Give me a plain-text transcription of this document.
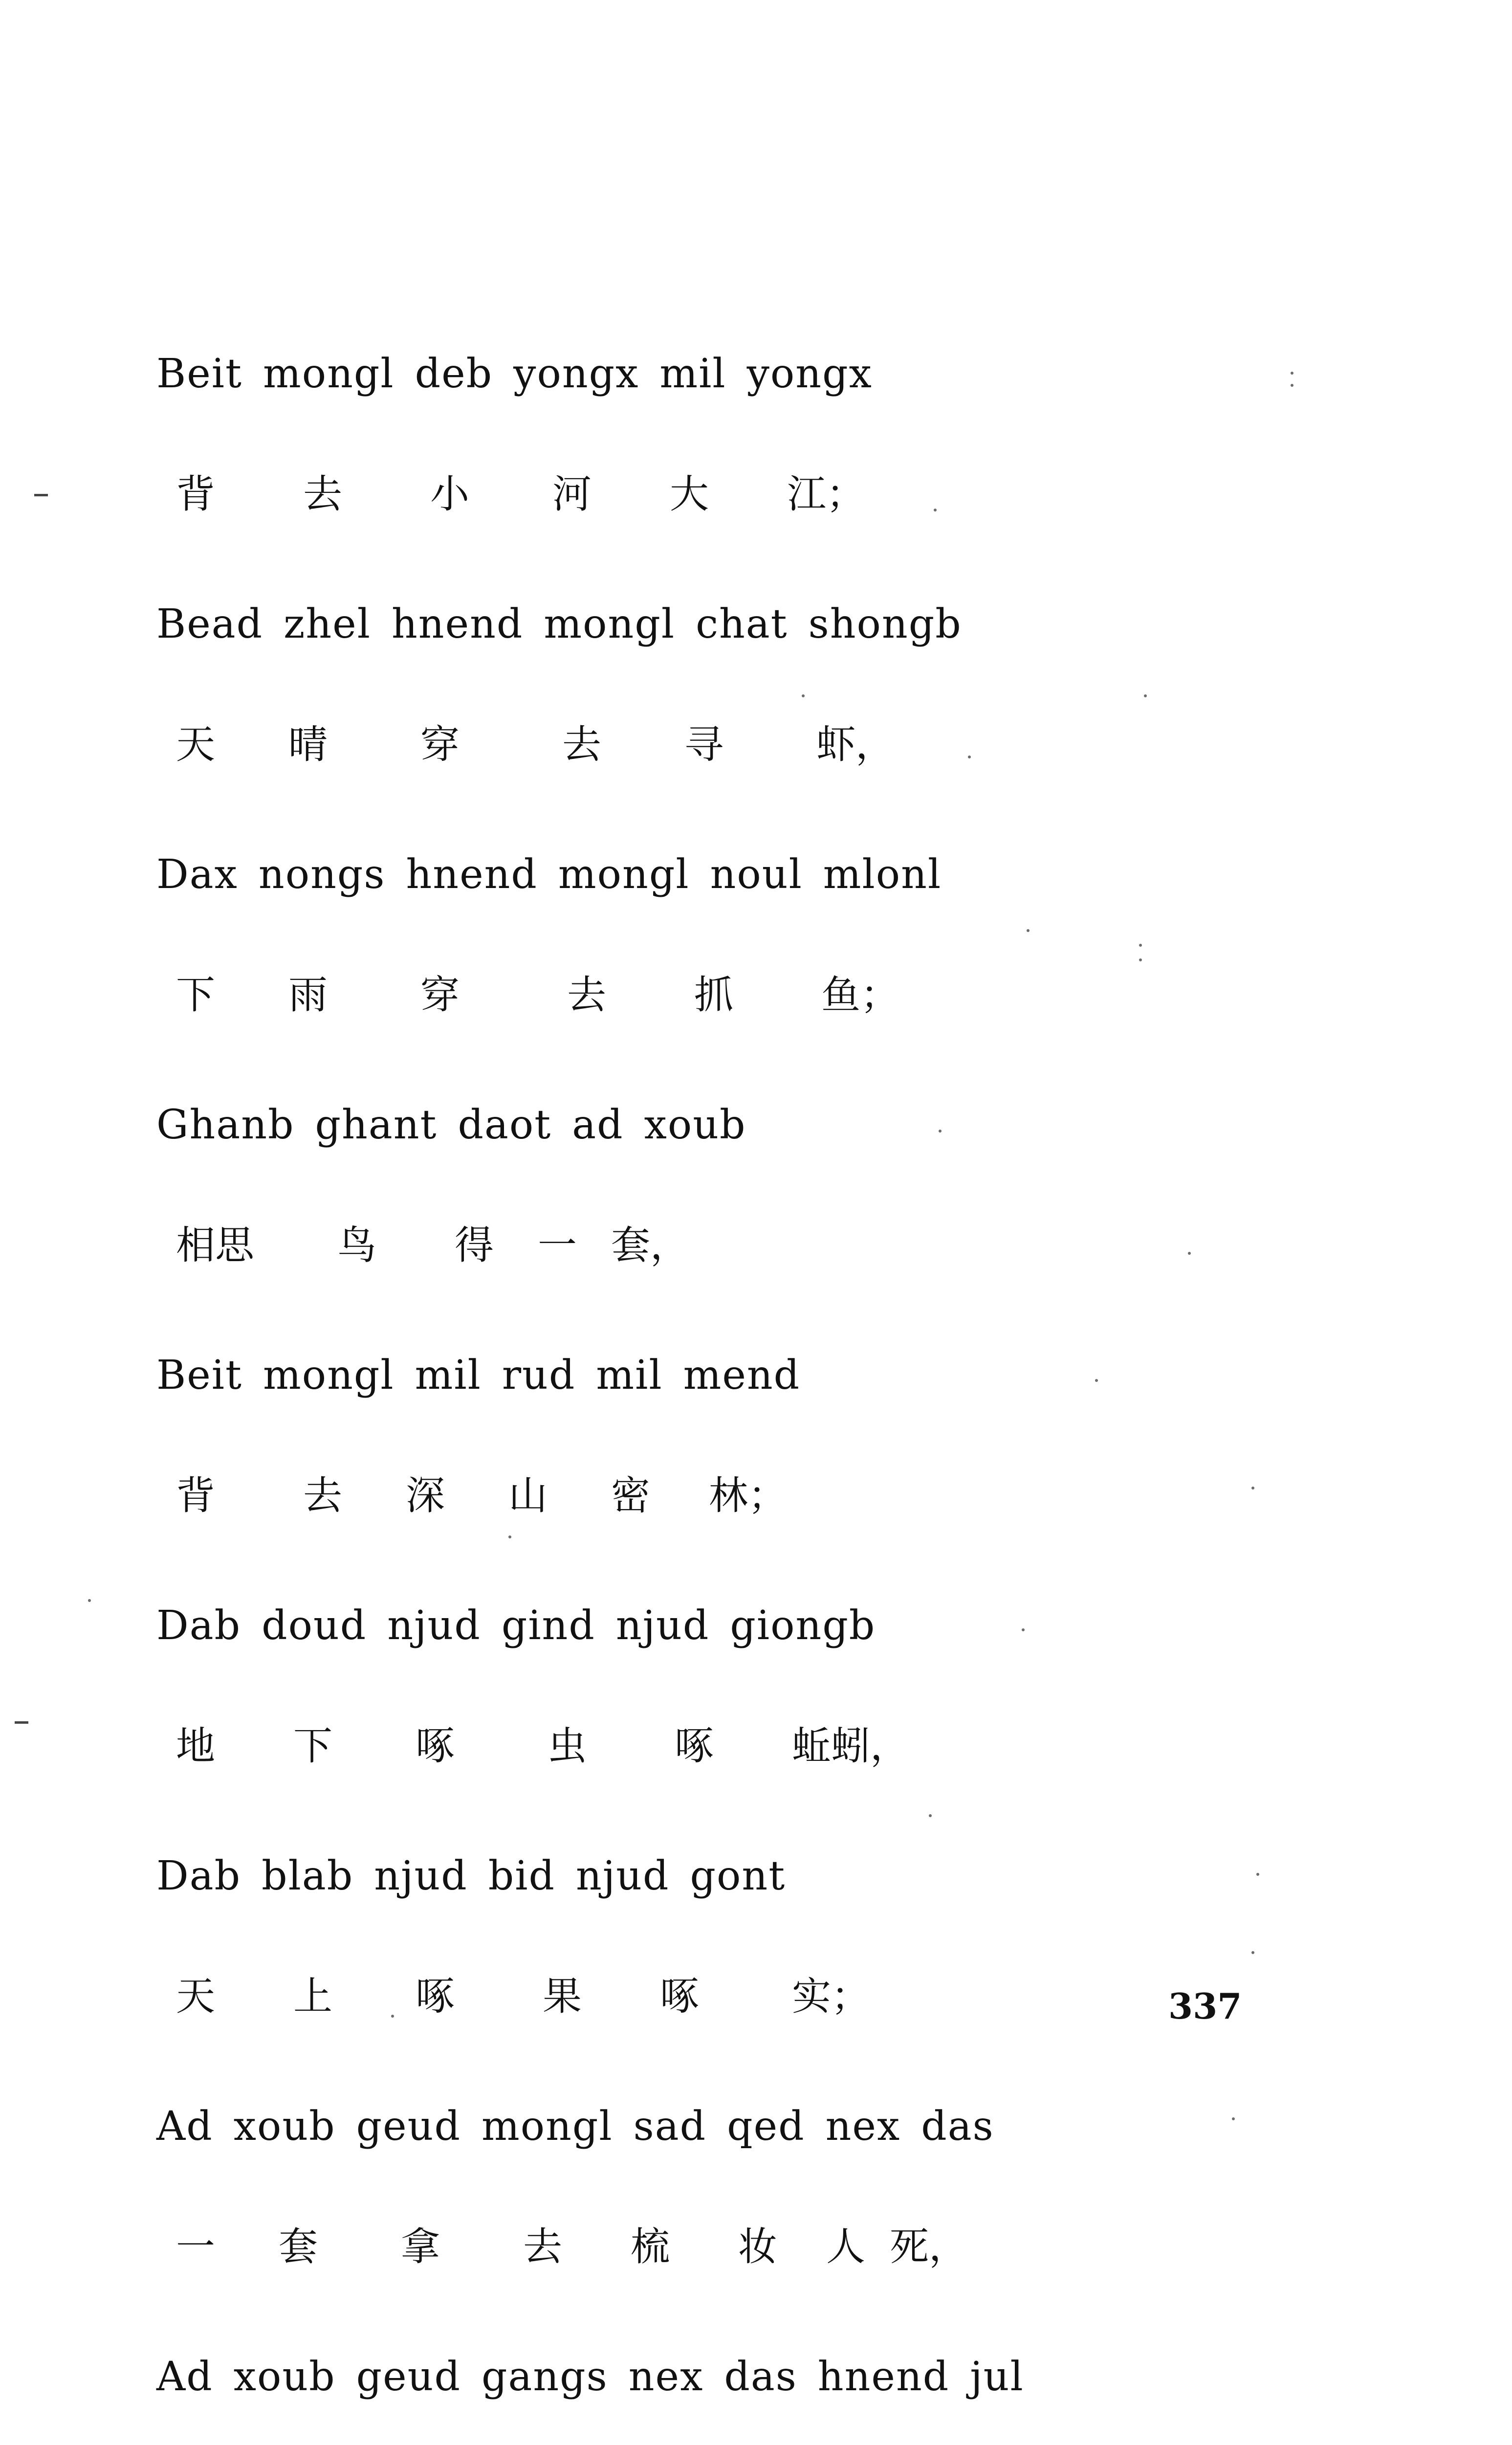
Beit mongl deb yongx mil yongx
背	去	小	河	大	江；
Bead zhel hnend mongl chat shongb
天	晴	穿	去	寻	虾，
Dax nongs hnend mongl noul mlonl
下	雨	穿	去	抓	鱼；
Ghanb ghant daot ad xoub
相思	鸟	得	一 套，
Beit mongl mil rud mil mend
背	去	深	山	密	林；
Dab doud njud gind njud giongb
地	下	啄	虫	啄	蚯蚓，
Dab blab njud bid njud gont
天	上	啄	果	啄	实；
Ad xoub geud mongl sad qed nex das
一	套	拿	去	梳	妆	人 死，
Ad xoub geud gangs nex das hnend jul
337
